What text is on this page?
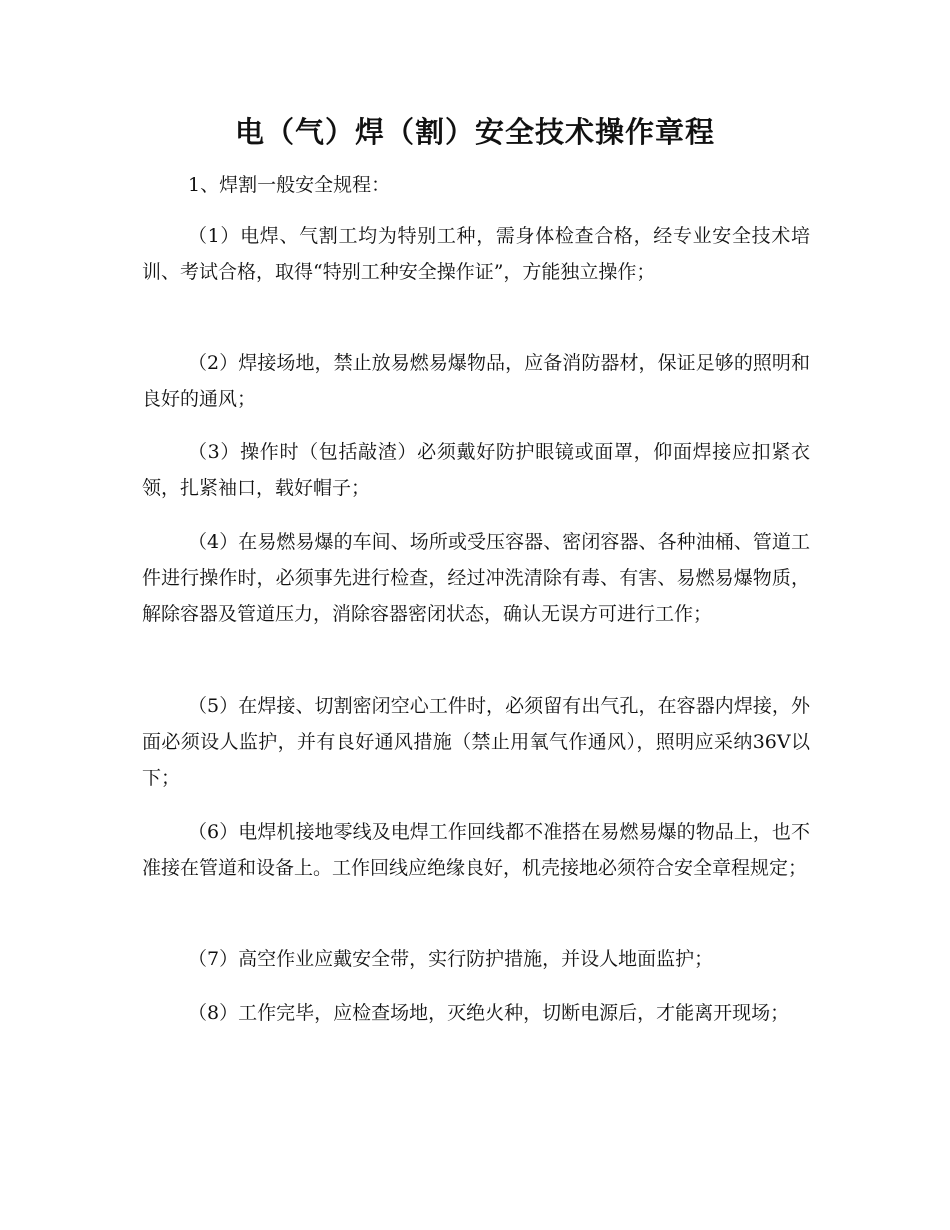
电（气）焊（割）安全技术操作章程
1、焊割一般安全规程：

（1）电焊、气割工均为特别工种，需身体检查合格，经专业安全技术培训、考试合格，取得“特别工种安全操作证”，方能独立操作；

（2）焊接场地，禁止放易燃易爆物品，应备消防器材，保证足够的照明和良好的通风；

（3）操作时（包括敲渣）必须戴好防护眼镜或面罩，仰面焊接应扣紧衣领，扎紧袖口，载好帽子；

（4）在易燃易爆的车间、场所或受压容器、密闭容器、各种油桶、管道工件进行操作时，必须事先进行检查，经过冲洗清除有毒、有害、易燃易爆物质，解除容器及管道压力，消除容器密闭状态，确认无误方可进行工作；

（5）在焊接、切割密闭空心工件时，必须留有出气孔，在容器内焊接，外面必须设人监护，并有良好通风措施（禁止用氧气作通风），照明应采纳36V以下；

（6）电焊机接地零线及电焊工作回线都不准搭在易燃易爆的物品上，也不准接在管道和设备上。工作回线应绝缘良好，机壳接地必须符合安全章程规定；

（7）高空作业应戴安全带，实行防护措施，并设人地面监护；

（8）工作完毕，应检查场地，灭绝火种，切断电源后，才能离开现场；
